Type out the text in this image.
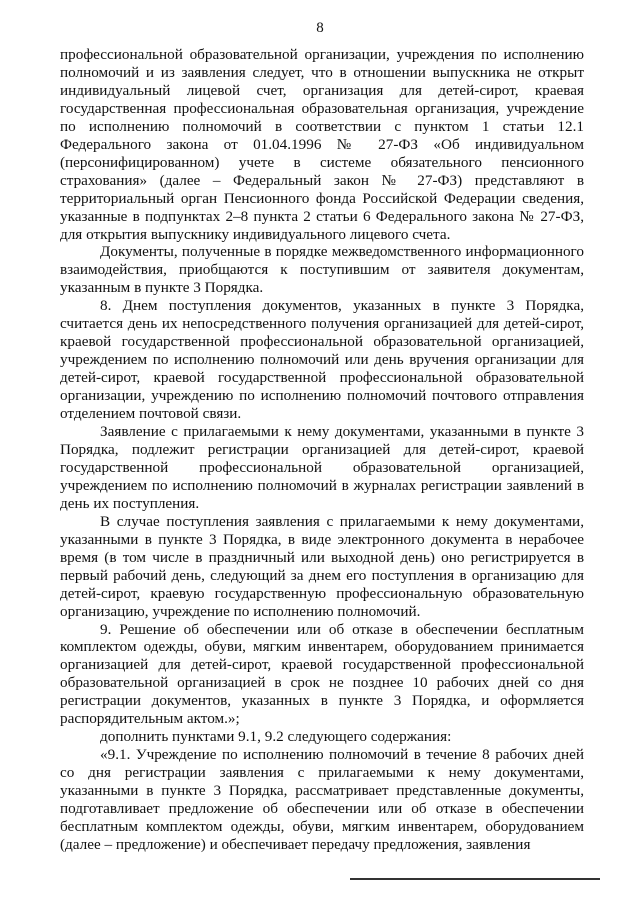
8

профессиональной образовательной организации, учреждения по исполнению полномочий и из заявления следует, что в отношении выпускника не открыт индивидуальный лицевой счет, организация для детей-сирот, краевая государственная профессиональная образовательная организация, учреждение по исполнению полномочий в соответствии с пунктом 1 статьи 12.1 Федерального закона от 01.04.1996 № 27-ФЗ «Об индивидуальном (персонифицированном) учете в системе обязательного пенсионного страхования» (далее – Федеральный закон № 27-ФЗ) представляют в территориальный орган Пенсионного фонда Российской Федерации сведения, указанные в подпунктах 2–8 пункта 2 статьи 6 Федерального закона № 27-ФЗ, для открытия выпускнику индивидуального лицевого счета.

Документы, полученные в порядке межведомственного информационного взаимодействия, приобщаются к поступившим от заявителя документам, указанным в пункте 3 Порядка.

8. Днем поступления документов, указанных в пункте 3 Порядка, считается день их непосредственного получения организацией для детей-сирот, краевой государственной профессиональной образовательной организацией, учреждением по исполнению полномочий или день вручения организации для детей-сирот, краевой государственной профессиональной образовательной организации, учреждению по исполнению полномочий почтового отправления отделением почтовой связи.

Заявление с прилагаемыми к нему документами, указанными в пункте 3 Порядка, подлежит регистрации организацией для детей-сирот, краевой государственной профессиональной образовательной организацией, учреждением по исполнению полномочий в журналах регистрации заявлений в день их поступления.

В случае поступления заявления с прилагаемыми к нему документами, указанными в пункте 3 Порядка, в виде электронного документа в нерабочее время (в том числе в праздничный или выходной день) оно регистрируется в первый рабочий день, следующий за днем его поступления в организацию для детей-сирот, краевую государственную профессиональную образовательную организацию, учреждение по исполнению полномочий.

9. Решение об обеспечении или об отказе в обеспечении бесплатным комплектом одежды, обуви, мягким инвентарем, оборудованием принимается организацией для детей-сирот, краевой государственной профессиональной образовательной организацией в срок не позднее 10 рабочих дней со дня регистрации документов, указанных в пункте 3 Порядка, и оформляется распорядительным актом.»;

дополнить пунктами 9.1, 9.2 следующего содержания:

«9.1. Учреждение по исполнению полномочий в течение 8 рабочих дней со дня регистрации заявления с прилагаемыми к нему документами, указанными в пункте 3 Порядка, рассматривает представленные документы, подготавливает предложение об обеспечении или об отказе в обеспечении бесплатным комплектом одежды, обуви, мягким инвентарем, оборудованием (далее – предложение) и обеспечивает передачу предложения, заявления
